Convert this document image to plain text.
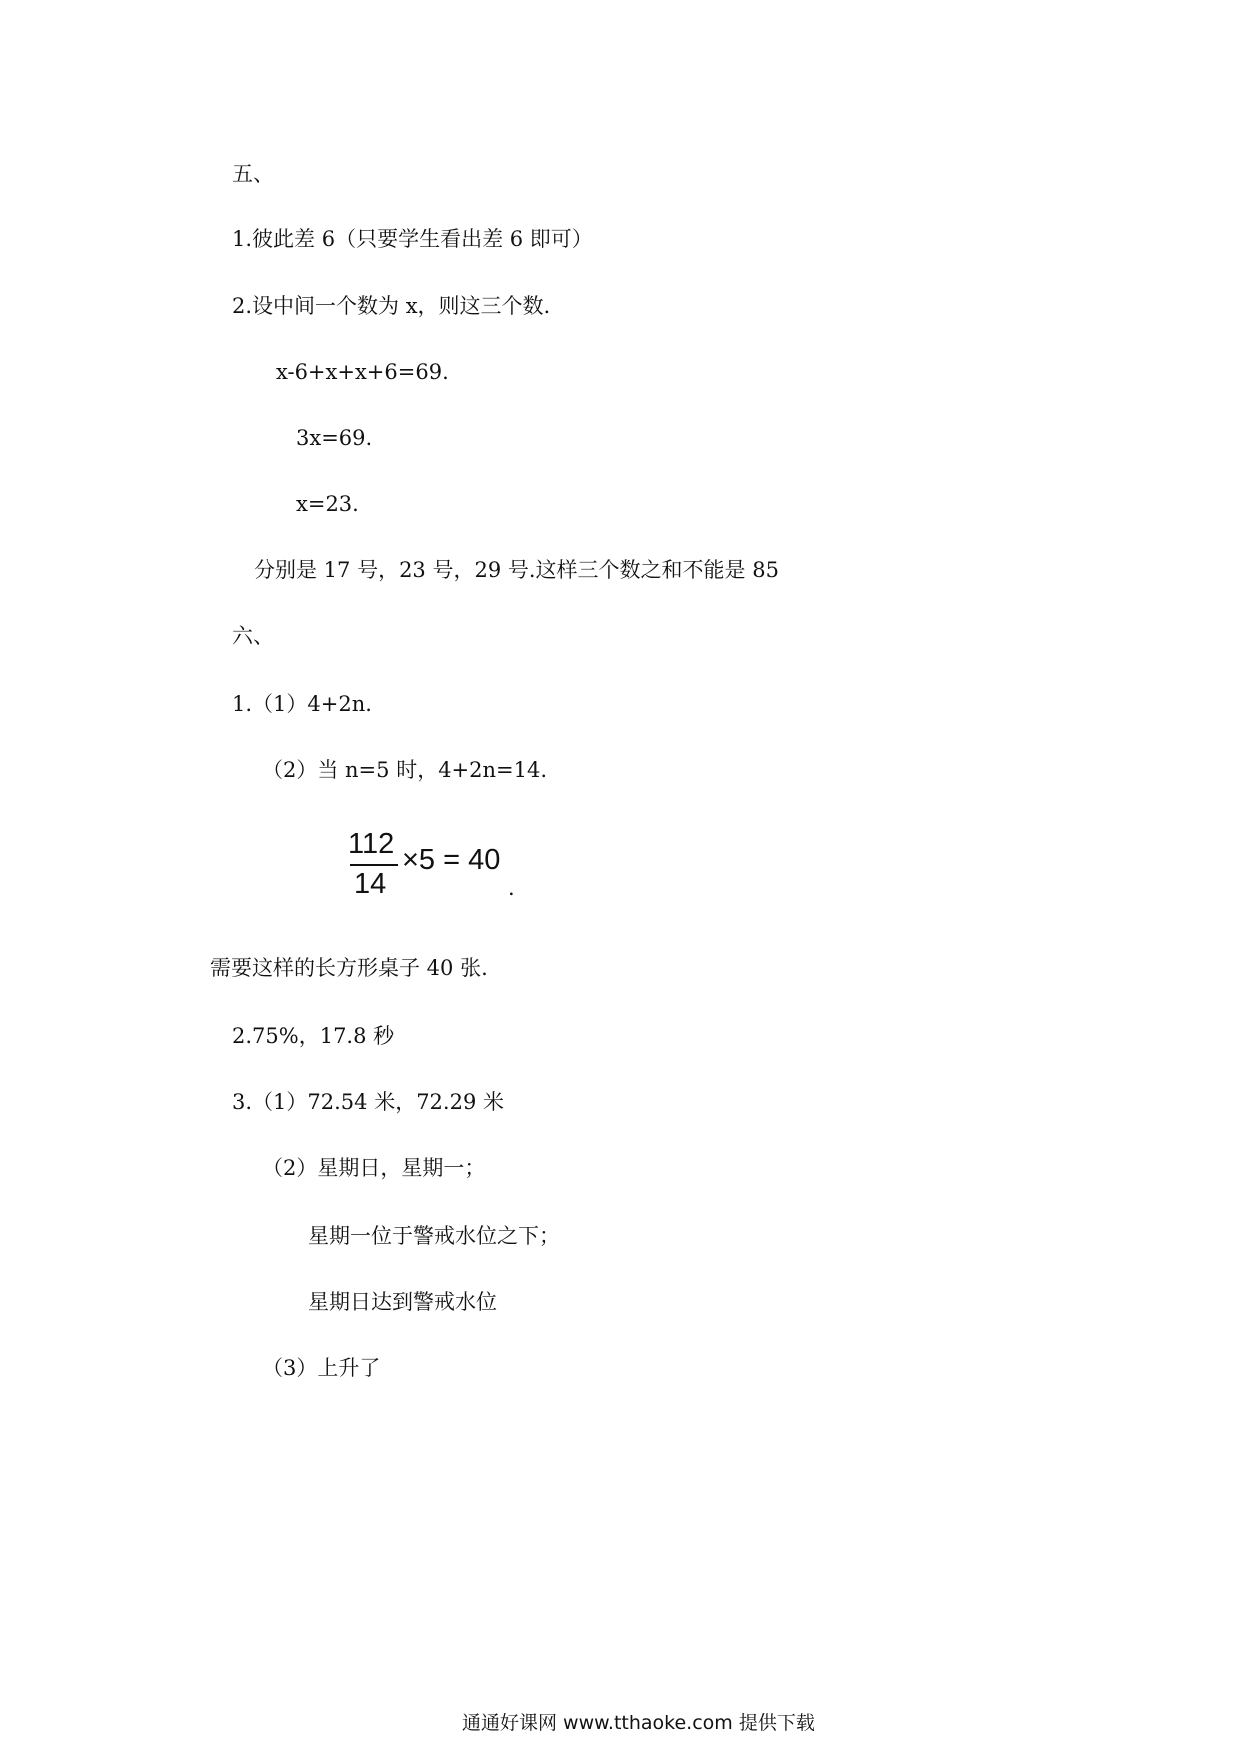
五、
1.彼此差 6（只要学生看出差 6 即可）
2.设中间一个数为 x，则这三个数.
x-6+x+x+6=69.
3x=69.
x=23.
分别是 17 号，23 号，29 号.这样三个数之和不能是 85
六、
1.（1）4+2n.
（2）当 n=5 时，4+2n=14.
112
14
×5 = 40
.
需要这样的长方形桌子 40 张.
2.75%，17.8 秒
3.（1）72.54 米，72.29 米
（2）星期日，星期一；
星期一位于警戒水位之下；
星期日达到警戒水位
（3）上升了
通通好课网 www.tthaoke.com 提供下载
